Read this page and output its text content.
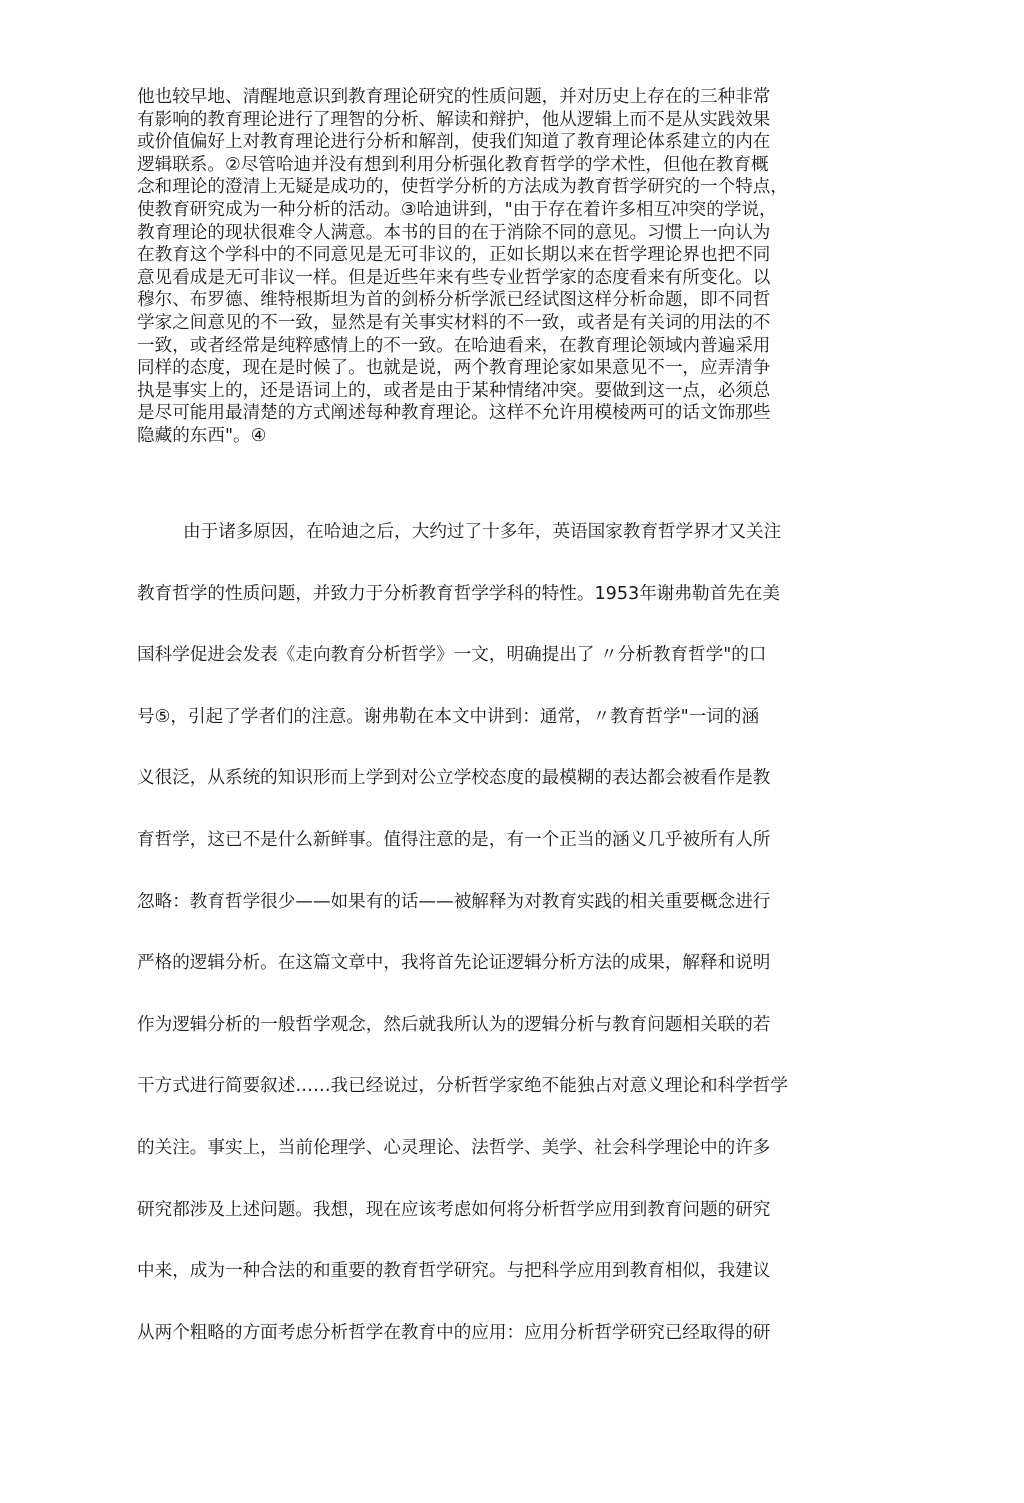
他也较早地、清醒地意识到教育理论研究的性质问题，并对历史上存在的三种非常
有影响的教育理论进行了理智的分析、解读和辩护，他从逻辑上而不是从实践效果
或价值偏好上对教育理论进行分析和解剖，使我们知道了教育理论体系建立的内在
逻辑联系。②尽管哈迪并没有想到利用分析强化教育哲学的学术性，但他在教育概
念和理论的澄清上无疑是成功的，使哲学分析的方法成为教育哲学研究的一个特点，
使教育研究成为一种分析的活动。③哈迪讲到，"由于存在着许多相互冲突的学说，
教育理论的现状很难令人满意。本书的目的在于消除不同的意见。习惯上一向认为
在教育这个学科中的不同意见是无可非议的，正如长期以来在哲学理论界也把不同
意见看成是无可非议一样。但是近些年来有些专业哲学家的态度看来有所变化。以
穆尔、布罗德、维特根斯坦为首的剑桥分析学派已经试图这样分析命题，即不同哲
学家之间意见的不一致，显然是有关事实材料的不一致，或者是有关词的用法的不
一致，或者经常是纯粹感情上的不一致。在哈迪看来，在教育理论领域内普遍采用
同样的态度，现在是时候了。也就是说，两个教育理论家如果意见不一，应弄清争
执是事实上的，还是语词上的，或者是由于某种情绪冲突。要做到这一点，必须总
是尽可能用最清楚的方式阐述每种教育理论。这样不允许用模棱两可的话文饰那些
隐藏的东西"。④
由于诸多原因，在哈迪之后，大约过了十多年，英语国家教育哲学界才又关注
教育哲学的性质问题，并致力于分析教育哲学学科的特性。1953年谢弗勒首先在美
国科学促进会发表《走向教育分析哲学》一文，明确提出了 〃分析教育哲学"的口
号⑤，引起了学者们的注意。谢弗勒在本文中讲到：通常，〃教育哲学"一词的涵
义很泛，从系统的知识形而上学到对公立学校态度的最模糊的表达都会被看作是教
育哲学，这已不是什么新鲜事。值得注意的是，有一个正当的涵义几乎被所有人所
忽略：教育哲学很少——如果有的话——被解释为对教育实践的相关重要概念进行
严格的逻辑分析。在这篇文章中，我将首先论证逻辑分析方法的成果，解释和说明
作为逻辑分析的一般哲学观念，然后就我所认为的逻辑分析与教育问题相关联的若
干方式进行简要叙述……我已经说过，分析哲学家绝不能独占对意义理论和科学哲学
的关注。事实上，当前伦理学、心灵理论、法哲学、美学、社会科学理论中的许多
研究都涉及上述问题。我想，现在应该考虑如何将分析哲学应用到教育问题的研究
中来，成为一种合法的和重要的教育哲学研究。与把科学应用到教育相似，我建议
从两个粗略的方面考虑分析哲学在教育中的应用：应用分析哲学研究已经取得的研
